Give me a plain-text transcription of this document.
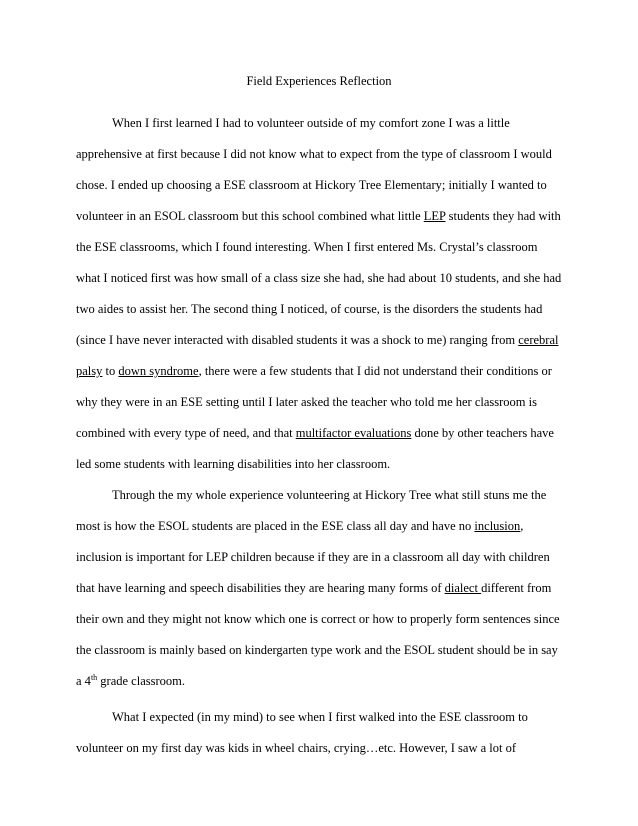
Field Experiences Reflection
When I first learned I had to volunteer outside of my comfort zone I was a little
apprehensive at first because I did not know what to expect from the type of classroom I would
chose. I ended up choosing a ESE classroom at Hickory Tree Elementary; initially I wanted to
volunteer in an ESOL classroom but this school combined what little LEP students they had with
the ESE classrooms, which I found interesting. When I first entered Ms. Crystal’s classroom
what I noticed first was how small of a class size she had, she had about 10 students, and she had
two aides to assist her. The second thing I noticed, of course, is the disorders the students had
(since I have never interacted with disabled students it was a shock to me) ranging from cerebral
palsy to down syndrome, there were a few students that I did not understand their conditions or
why they were in an ESE setting until I later asked the teacher who told me her classroom is
combined with every type of need, and that multifactor evaluations done by other teachers have
led some students with learning disabilities into her classroom.
Through the my whole experience volunteering at Hickory Tree what still stuns me the
most is how the ESOL students are placed in the ESE class all day and have no inclusion,
inclusion is important for LEP children because if they are in a classroom all day with children
that have learning and speech disabilities they are hearing many forms of dialect different from
their own and they might not know which one is correct or how to properly form sentences since
the classroom is mainly based on kindergarten type work and the ESOL student should be in say
a 4th grade classroom.
What I expected (in my mind) to see when I first walked into the ESE classroom to
volunteer on my first day was kids in wheel chairs, crying…etc. However, I saw a lot of
